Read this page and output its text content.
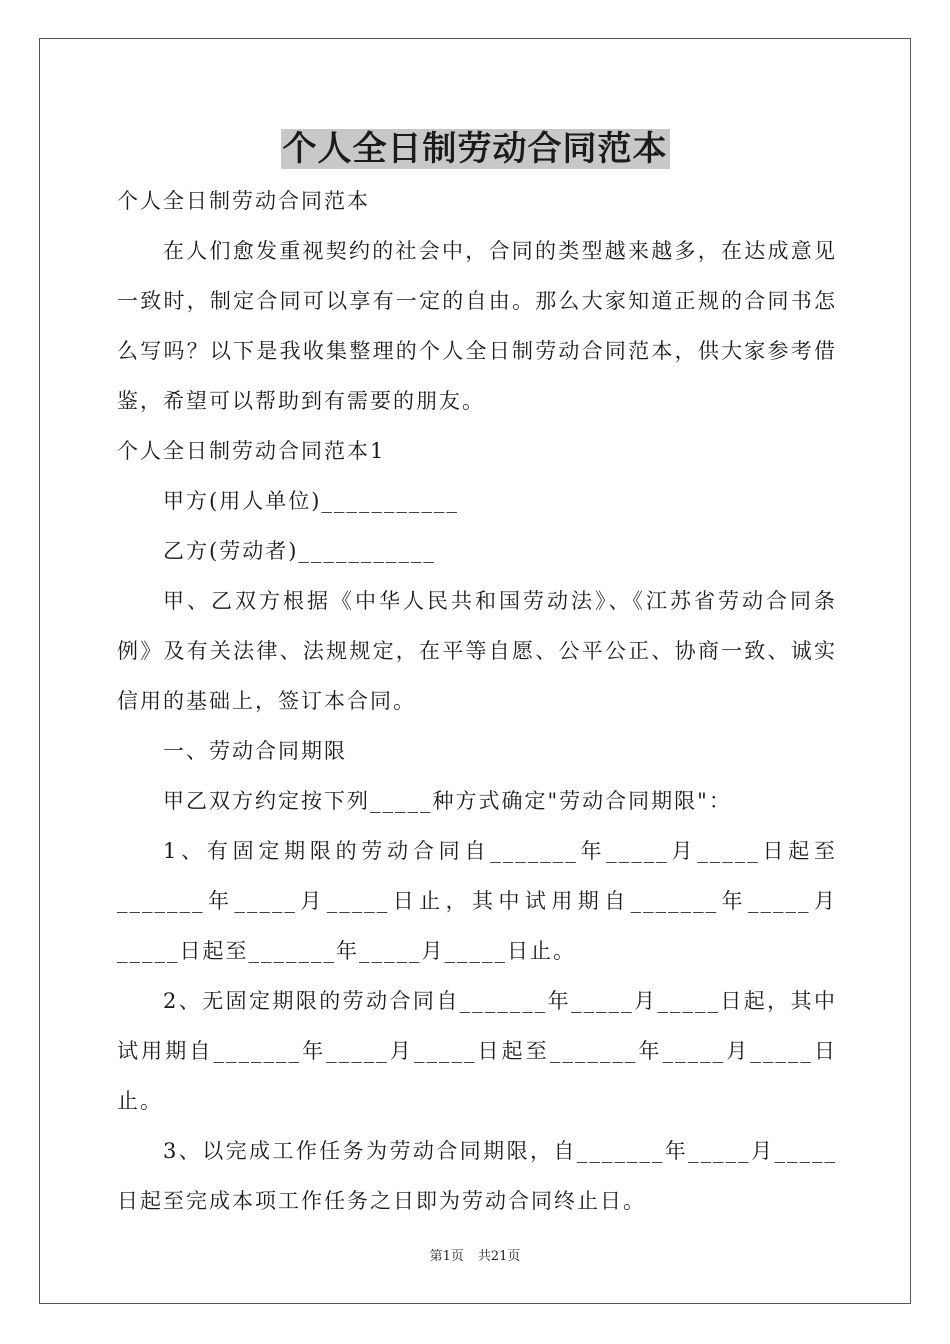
个人全日制劳动合同范本

个人全日制劳动合同范本

在人们愈发重视契约的社会中，合同的类型越来越多，在达成意见一致时，制定合同可以享有一定的自由。那么大家知道正规的合同书怎么写吗？以下是我收集整理的个人全日制劳动合同范本，供大家参考借鉴，希望可以帮助到有需要的朋友。

个人全日制劳动合同范本1

甲方(用人单位)___________

乙方(劳动者)___________

甲、乙双方根据《中华人民共和国劳动法》、《江苏省劳动合同条例》及有关法律、法规规定，在平等自愿、公平公正、协商一致、诚实信用的基础上，签订本合同。

一、劳动合同期限

甲乙双方约定按下列_____种方式确定"劳动合同期限"：

1、有固定期限的劳动合同自_______年_____月_____日起至_______年_____月_____日止，其中试用期自_______年_____月_____日起至_______年_____月_____日止。

2、无固定期限的劳动合同自_______年_____月_____日起，其中试用期自_______年_____月_____日起至_______年_____月_____日止。

3、以完成工作任务为劳动合同期限，自_______年_____月_____日起至完成本项工作任务之日即为劳动合同终止日。

第1页 共21页
